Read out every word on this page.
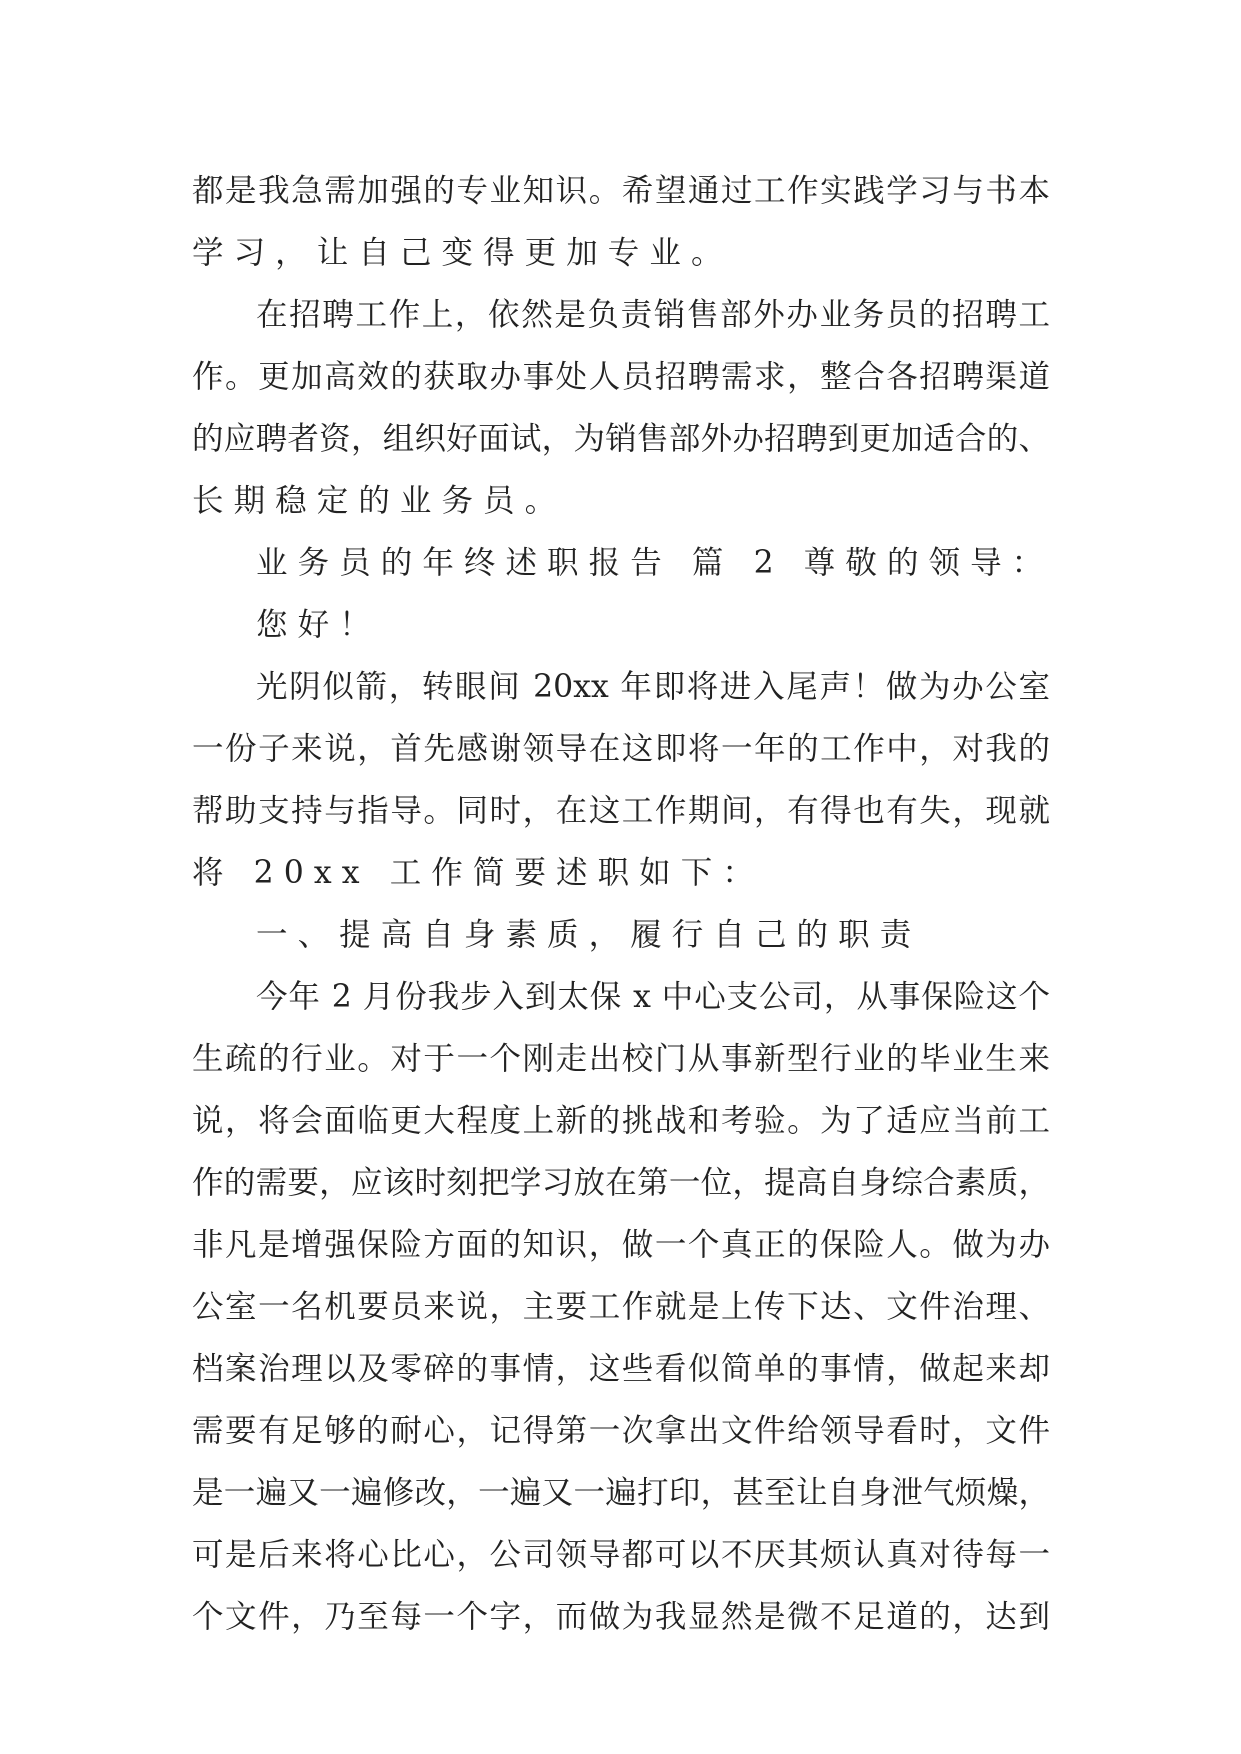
都是我急需加强的专业知识。希望通过工作实践学习与书本
学习，让自己变得更加专业。
在招聘工作上，依然是负责销售部外办业务员的招聘工
作。更加高效的获取办事处人员招聘需求，整合各招聘渠道
的应聘者资，组织好面试，为销售部外办招聘到更加适合的、
长期稳定的业务员。
业务员的年终述职报告 篇 2 尊敬的领导：
您好！
光阴似箭，转眼间 20xx 年即将进入尾声！做为办公室
一份子来说，首先感谢领导在这即将一年的工作中，对我的
帮助支持与指导。同时，在这工作期间，有得也有失，现就
将 20xx 工作简要述职如下：
一、提高自身素质，履行自己的职责
今年 2 月份我步入到太保 x 中心支公司，从事保险这个
生疏的行业。对于一个刚走出校门从事新型行业的毕业生来
说，将会面临更大程度上新的挑战和考验。为了适应当前工
作的需要，应该时刻把学习放在第一位，提高自身综合素质，
非凡是增强保险方面的知识，做一个真正的保险人。做为办
公室一名机要员来说，主要工作就是上传下达、文件治理、
档案治理以及零碎的事情，这些看似简单的事情，做起来却
需要有足够的耐心，记得第一次拿出文件给领导看时，文件
是一遍又一遍修改，一遍又一遍打印，甚至让自身泄气烦燥，
可是后来将心比心，公司领导都可以不厌其烦认真对待每一
个文件，乃至每一个字，而做为我显然是微不足道的，达到
